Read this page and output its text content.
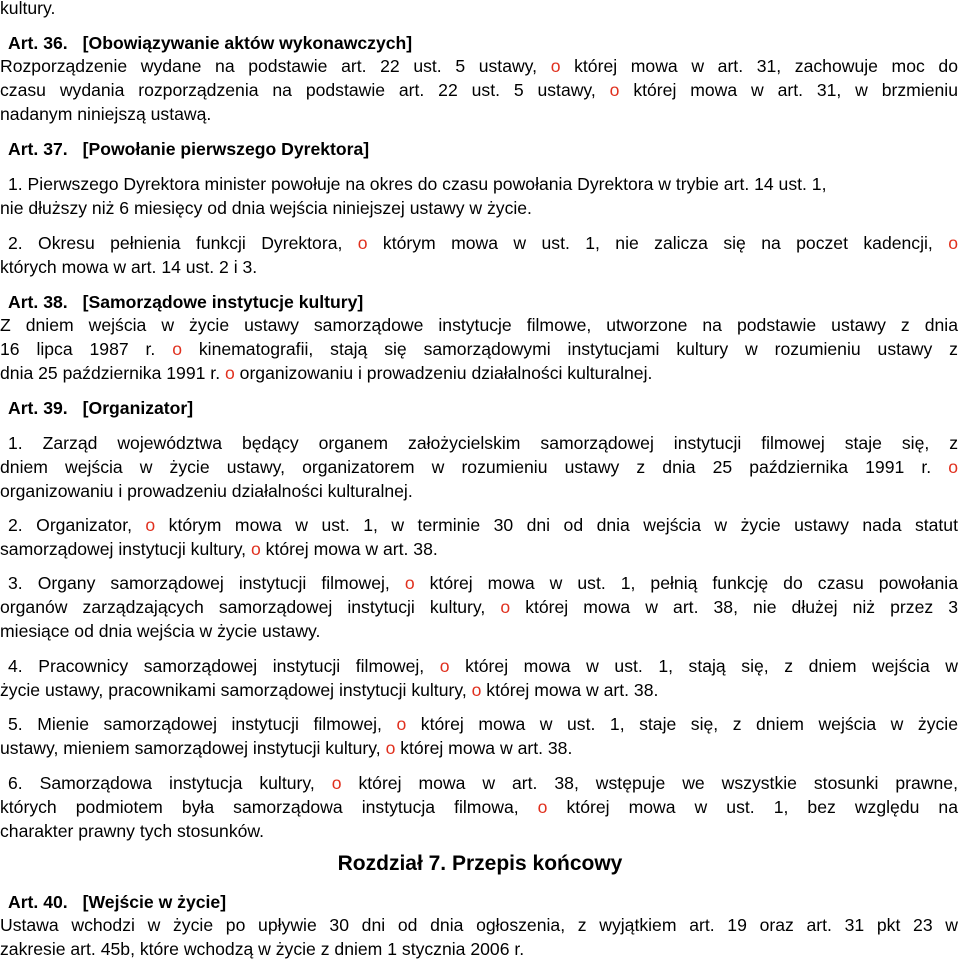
kultury.
Art. 36. [Obowiązywanie aktów wykonawczych]
Rozporządzenie wydane na podstawie art. 22 ust. 5 ustawy, o której mowa w art. 31, zachowuje moc do
czasu wydania rozporządzenia na podstawie art. 22 ust. 5 ustawy, o której mowa w art. 31, w brzmieniu
nadanym niniejszą ustawą.
Art. 37. [Powołanie pierwszego Dyrektora]
1. Pierwszego Dyrektora minister powołuje na okres do czasu powołania Dyrektora w trybie art. 14 ust. 1,
nie dłuższy niż 6 miesięcy od dnia wejścia niniejszej ustawy w życie.
2. Okresu pełnienia funkcji Dyrektora, o którym mowa w ust. 1, nie zalicza się na poczet kadencji, o
których mowa w art. 14 ust. 2 i 3.
Art. 38. [Samorządowe instytucje kultury]
Z dniem wejścia w życie ustawy samorządowe instytucje filmowe, utworzone na podstawie ustawy z dnia
16 lipca 1987 r. o kinematografii, stają się samorządowymi instytucjami kultury w rozumieniu ustawy z
dnia 25 października 1991 r. o organizowaniu i prowadzeniu działalności kulturalnej.
Art. 39. [Organizator]
1. Zarząd województwa będący organem założycielskim samorządowej instytucji filmowej staje się, z
dniem wejścia w życie ustawy, organizatorem w rozumieniu ustawy z dnia 25 października 1991 r. o
organizowaniu i prowadzeniu działalności kulturalnej.
2. Organizator, o którym mowa w ust. 1, w terminie 30 dni od dnia wejścia w życie ustawy nada statut
samorządowej instytucji kultury, o której mowa w art. 38.
3. Organy samorządowej instytucji filmowej, o której mowa w ust. 1, pełnią funkcję do czasu powołania
organów zarządzających samorządowej instytucji kultury, o której mowa w art. 38, nie dłużej niż przez 3
miesiące od dnia wejścia w życie ustawy.
4. Pracownicy samorządowej instytucji filmowej, o której mowa w ust. 1, stają się, z dniem wejścia w
życie ustawy, pracownikami samorządowej instytucji kultury, o której mowa w art. 38.
5. Mienie samorządowej instytucji filmowej, o której mowa w ust. 1, staje się, z dniem wejścia w życie
ustawy, mieniem samorządowej instytucji kultury, o której mowa w art. 38.
6. Samorządowa instytucja kultury, o której mowa w art. 38, wstępuje we wszystkie stosunki prawne,
których podmiotem była samorządowa instytucja filmowa, o której mowa w ust. 1, bez względu na
charakter prawny tych stosunków.
Rozdział 7. Przepis końcowy
Art. 40. [Wejście w życie]
Ustawa wchodzi w życie po upływie 30 dni od dnia ogłoszenia, z wyjątkiem art. 19 oraz art. 31 pkt 23 w
zakresie art. 45b, które wchodzą w życie z dniem 1 stycznia 2006 r.
